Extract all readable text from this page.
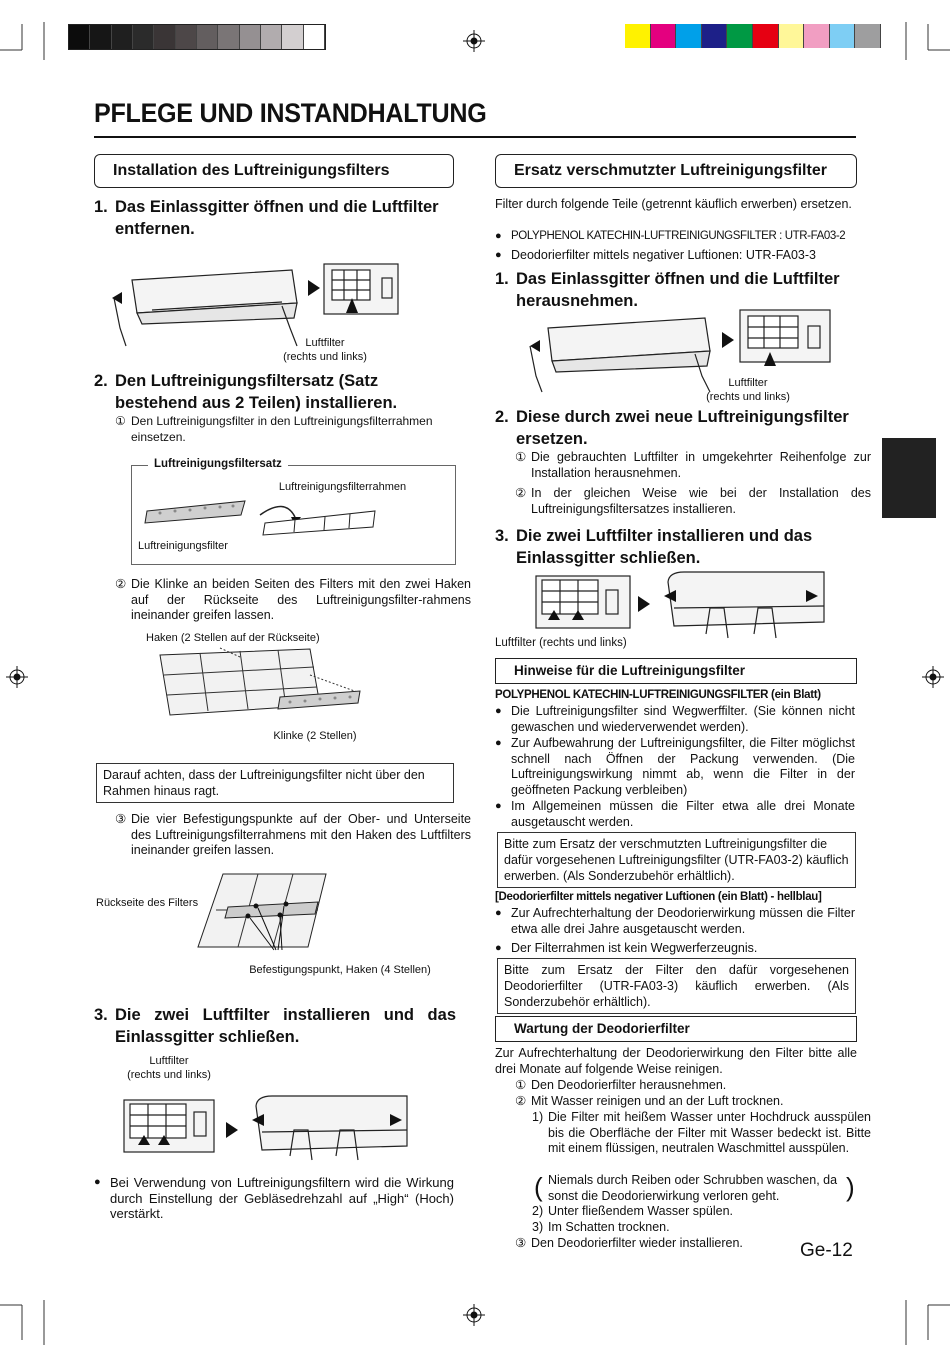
PFLEGE UND INSTANDHALTUNG
Installation des Luftreinigungsfilters
1. Das Einlassgitter öffnen und die Luftfilter entfernen.
Luftfilter
(rechts und links)
2. Den Luftreinigungsfiltersatz (Satz bestehend aus 2 Teilen) installieren.
① Den Luftreinigungsfilter in den Luftreinigungsfilterrahmen einsetzen.
Luftreinigungsfiltersatz
Luftreinigungsfilterrahmen
Luftreinigungsfilter
② Die Klinke an beiden Seiten des Filters mit den zwei Haken auf der Rückseite des Luftreinigungsfilter-rahmens ineinander greifen lassen.
Haken (2 Stellen auf der Rückseite)
Klinke (2 Stellen)
Darauf achten, dass der Luftreinigungsfilter nicht über den Rahmen hinaus ragt.
③ Die vier Befestigungspunkte auf der Ober- und Unterseite des Luftreinigungsfilterrahmens mit den Haken des Luftfilters ineinander greifen lassen.
Rückseite des Filters
Befestigungspunkt, Haken (4 Stellen)
3. Die zwei Luftfilter installieren und das Einlassgitter schließen.
Luftfilter
(rechts und links)
● Bei Verwendung von Luftreinigungsfiltern wird die Wirkung durch Einstellung der Gebläsedrehzahl auf „High“ (Hoch) verstärkt.
Ersatz verschmutzter Luftreinigungsfilter
Filter durch folgende Teile (getrennt käuflich erwerben) ersetzen.
● POLYPHENOL KATECHIN-LUFTREINIGUNGSFILTER : UTR-FA03-2
● Deodorierfilter mittels negativer Luftionen: UTR-FA03-3
1. Das Einlassgitter öffnen und die Luftfilter herausnehmen.
Luftfilter
(rechts und links)
2. Diese durch zwei neue Luftreinigungsfilter ersetzen.
① Die gebrauchten Luftfilter in umgekehrter Reihenfolge zur Installation herausnehmen.
② In der gleichen Weise wie bei der Installation des Luftreinigungsfiltersatzes installieren.
3. Die zwei Luftfilter installieren und das Einlassgitter schließen.
Luftfilter (rechts und links)
Hinweise für die Luftreinigungsfilter
POLYPHENOL KATECHIN-LUFTREINIGUNGSFILTER (ein Blatt)
● Die Luftreinigungsfilter sind Wegwerffilter. (Sie können nicht gewaschen und wiederverwendet werden).
● Zur Aufbewahrung der Luftreinigungsfilter, die Filter möglichst schnell nach Öffnen der Packung verwenden. (Die Luftreinigungswirkung nimmt ab, wenn die Filter in der geöffneten Packung verbleiben)
● Im Allgemeinen müssen die Filter etwa alle drei Monate ausgetauscht werden.
Bitte zum Ersatz der verschmutzten Luftreinigungsfilter die dafür vorgesehenen Luftreinigungsfilter (UTR-FA03-2) käuflich erwerben. (Als Sonderzubehör erhältlich).
[Deodorierfilter mittels negativer Luftionen (ein Blatt) - hellblau]
● Zur Aufrechterhaltung der Deodorierwirkung müssen die Filter etwa alle drei Jahre ausgetauscht werden.
● Der Filterrahmen ist kein Wegwerferzeugnis.
Bitte zum Ersatz der Filter den dafür vorgesehenen Deodorierfilter (UTR-FA03-3) käuflich erwerben. (Als Sonderzubehör erhältlich).
Wartung der Deodorierfilter
Zur Aufrechterhaltung der Deodorierwirkung den Filter bitte alle drei Monate auf folgende Weise reinigen.
① Den Deodorierfilter herausnehmen.
② Mit Wasser reinigen und an der Luft trocknen.
1) Die Filter mit heißem Wasser unter Hochdruck ausspülen bis die Oberfläche der Filter mit Wasser bedeckt ist. Bitte mit einem flüssigen, neutralen Waschmittel ausspülen.
( Niemals durch Reiben oder Schrubben waschen, da sonst die Deodorierwirkung verloren geht.	)
2) Unter fließendem Wasser spülen.
3) Im Schatten trocknen.
③ Den Deodorierfilter wieder installieren.	Ge-12
